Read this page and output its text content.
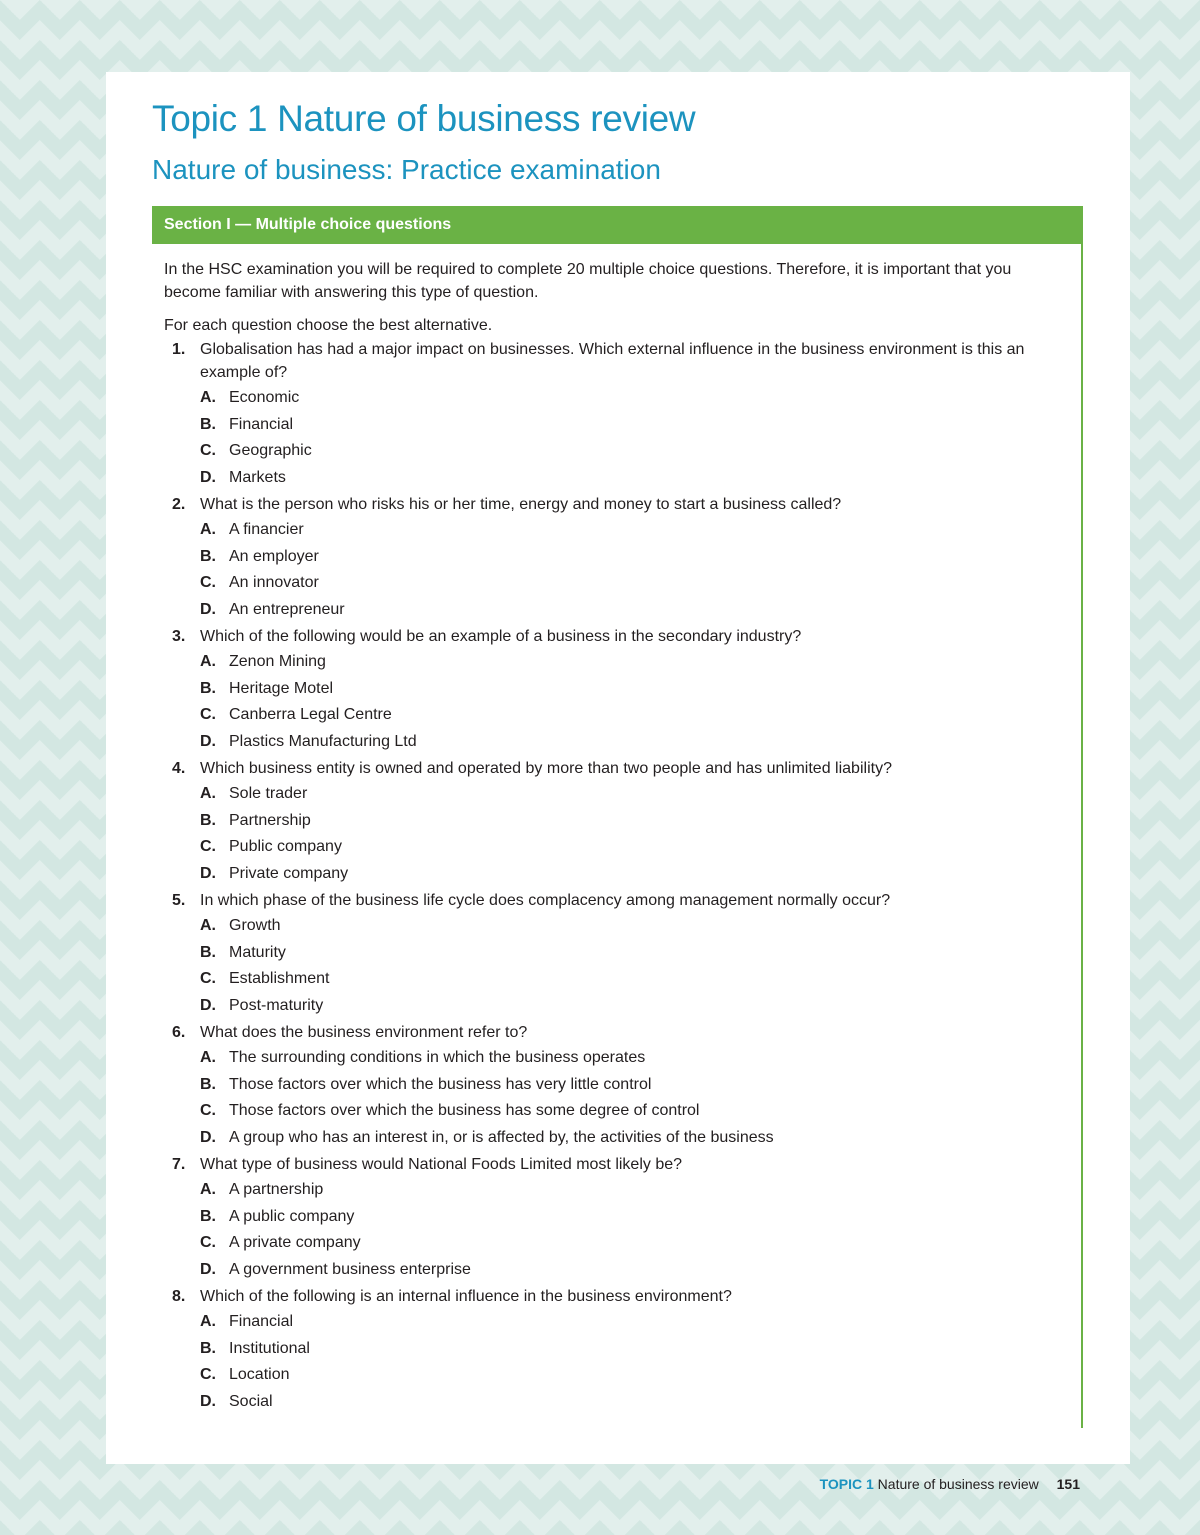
Topic 1 Nature of business review
Nature of business: Practice examination
Section I — Multiple choice questions

In the HSC examination you will be required to complete 20 multiple choice questions. Therefore, it is important that you become familiar with answering this type of question.

For each question choose the best alternative.

1. Globalisation has had a major impact on businesses. Which external influence in the business environment is this an example of?
A. Economic
B. Financial
C. Geographic
D. Markets
2. What is the person who risks his or her time, energy and money to start a business called?
A. A financier
B. An employer
C. An innovator
D. An entrepreneur
3. Which of the following would be an example of a business in the secondary industry?
A. Zenon Mining
B. Heritage Motel
C. Canberra Legal Centre
D. Plastics Manufacturing Ltd
4. Which business entity is owned and operated by more than two people and has unlimited liability?
A. Sole trader
B. Partnership
C. Public company
D. Private company
5. In which phase of the business life cycle does complacency among management normally occur?
A. Growth
B. Maturity
C. Establishment
D. Post-maturity
6. What does the business environment refer to?
A. The surrounding conditions in which the business operates
B. Those factors over which the business has very little control
C. Those factors over which the business has some degree of control
D. A group who has an interest in, or is affected by, the activities of the business
7. What type of business would National Foods Limited most likely be?
A. A partnership
B. A public company
C. A private company
D. A government business enterprise
8. Which of the following is an internal influence in the business environment?
A. Financial
B. Institutional
C. Location
D. Social
TOPIC 1 Nature of business review 151
